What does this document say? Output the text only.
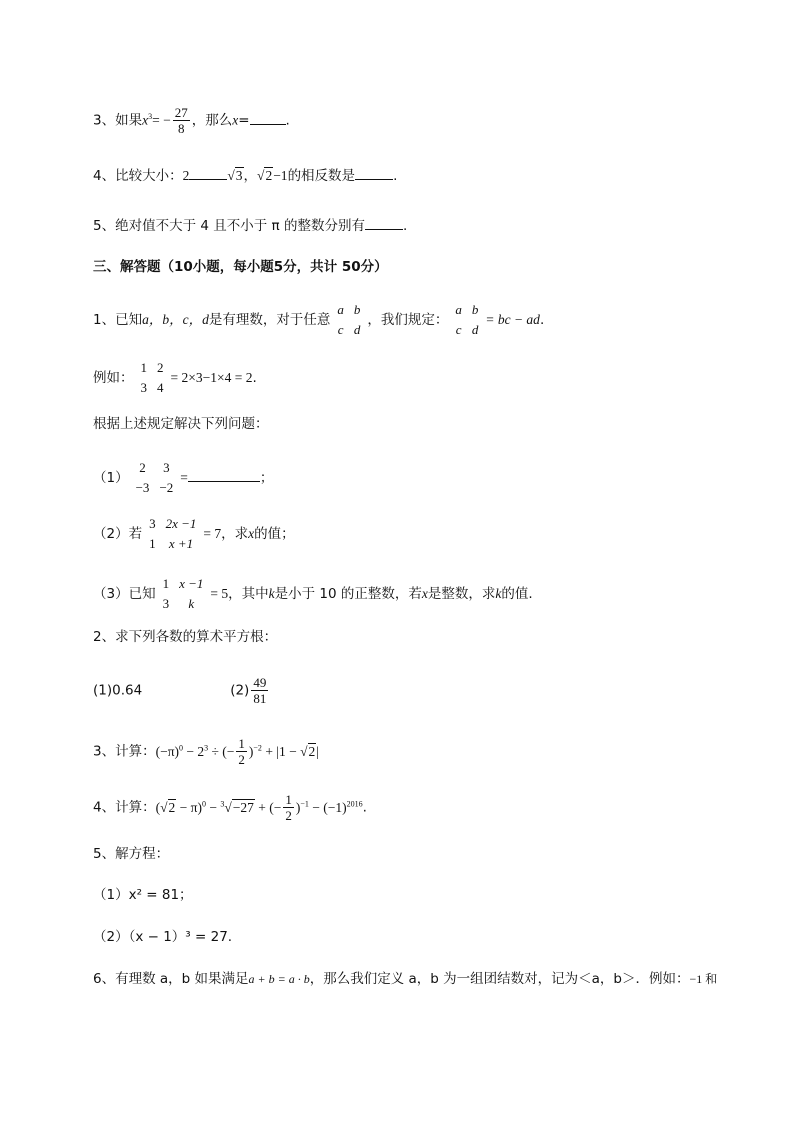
3、如果$x^3= - \frac{27}{8}$ ，那么x=	.
4、比较大小：2	√3，√2−1的相反数是	.
5、绝对值不大于 4 且不小于 π 的整数分别有	.
三、解答题（10小题，每小题5分，共计 50分）
1、已知a，b，c，d是有理数，对于任意a	b
c	d，我们规定：a	b
c	d= bc − ad.
例如：1	2
3	4= 2×3−1×4 = 2.
根据上述规定解决下列问题：
（1）2	3
−3	−2=	；
（2）若3	2x −1
1	x +1= 7，求x的值；
（3）已知1	x −1
3	k= 5，其中k是小于 10 的正整数，若x是整数，求k的值.
2、求下列各数的算术平方根：
(1)0.64	$(2) \frac{49}{81}$
3、计算：$(-\pi)^0 - 2^3$ ÷ (− $\frac{1}{2} )^{-2} + |1 - √2|$
4、计算：$(√2 - \pi)^0 - ^3√-27$ + (− $\frac{1}{2} )^{-1} - (-1)^{2016}$.
5、解方程：
（1）x² = 81；
（2）（x − 1）³ = 27.
6、有理数 a，b 如果满足a + b = a · b，那么我们定义 a，b 为一组团结数对，记为＜a，b＞．例如：−1 和
